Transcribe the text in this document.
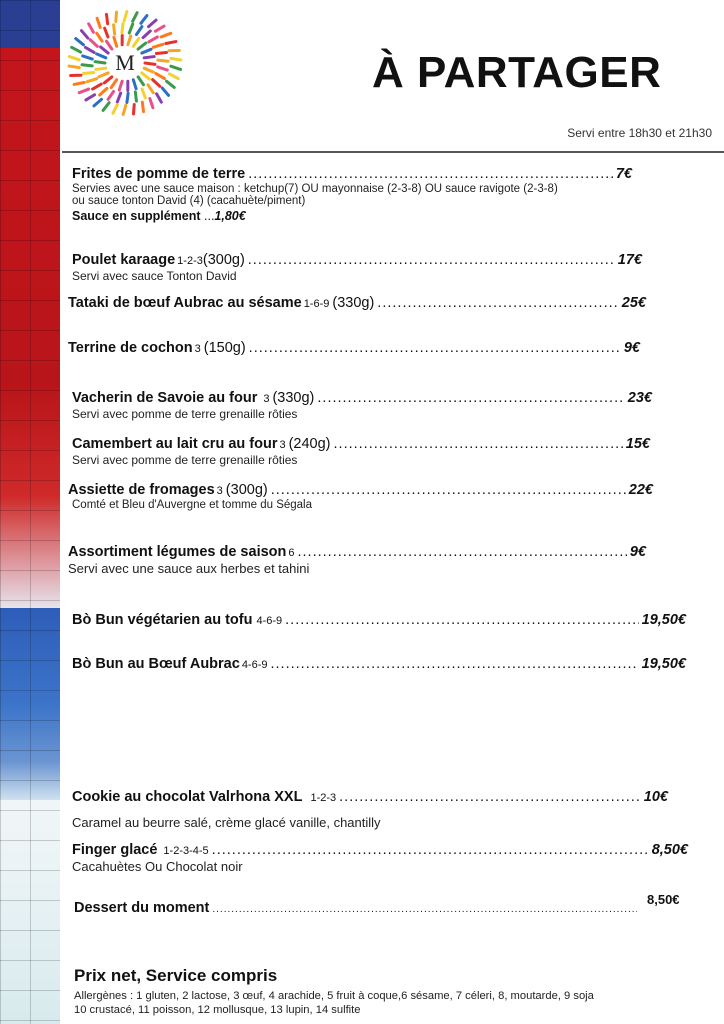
M	À PARTAGER
Servi entre 18h30 et 21h30
Frites de pomme de terre .....	7€
Servies avec une sauce maison : ketchup(7) OU mayonnaise (2-3-8) OU sauce ravigote (2-3-8)
ou sauce tonton David (4) (cacahuète/piment)
Sauce en supplément ...1,80€
Poulet karaage 1-2-3 (300g) .....	17€
Servi avec sauce Tonton David
Tataki de bœuf Aubrac au sésame 1-6-9 (330g) .....	25€
Terrine de cochon 3 (150g) .....	9€
Vacherin de Savoie au four 3 (330g) .....	23€
Servi avec pomme de terre grenaille rôties
Camembert au lait cru au four 3 (240g) .....	15€
Servi avec pomme de terre grenaille rôties
Assiette de fromages 3 (300g) .....	22€
Comté et Bleu d'Auvergne et tomme du Ségala
Assortiment légumes de saison 6 .....	9€
Servi avec une sauce aux herbes et tahini
Bò Bun végétarien au tofu 4-6-9 .....	19,50€
Bò Bun au Bœuf Aubrac 4-6-9 .....	19,50€
Cookie au chocolat Valrhona XXL 1-2-3 .....	10€
Caramel au beurre salé, crème glacé vanille, chantilly
Finger glacé 1-2-3-4-5 .....	8,50€
Cacahuètes Ou Chocolat noir
Dessert du moment
.....
8,50€
Prix net, Service compris
Allergènes : 1 gluten, 2 lactose, 3 œuf, 4 arachide, 5 fruit à coque,6 sésame, 7 céleri, 8, moutarde, 9 soja
10 crustacé, 11 poisson, 12 mollusque, 13 lupin, 14 sulfite
